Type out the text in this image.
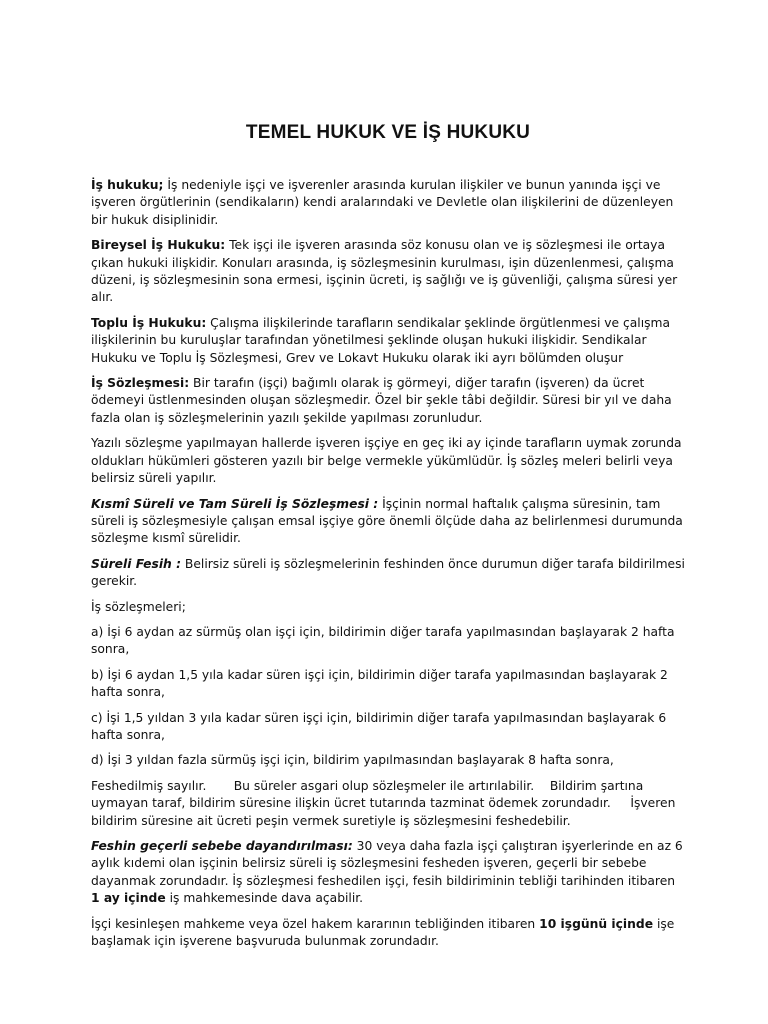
TEMEL HUKUK VE İŞ HUKUKU

İş hukuku; İş nedeniyle işçi ve işverenler arasında kurulan ilişkiler ve bunun yanında işçi ve işveren örgütlerinin (sendikaların) kendi aralarındaki ve Devletle olan ilişkilerini de düzenleyen bir hukuk disiplinidir.

Bireysel İş Hukuku: Tek işçi ile işveren arasında söz konusu olan ve iş sözleşmesi ile ortaya çıkan hukuki ilişkidir. Konuları arasında, iş sözleşmesinin kurulması, işin düzenlenmesi, çalışma düzeni, iş sözleşmesinin sona ermesi, işçinin ücreti, iş sağlığı ve iş güvenliği, çalışma süresi yer alır.

Toplu İş Hukuku: Çalışma ilişkilerinde tarafların sendikalar şeklinde örgütlenmesi ve çalışma ilişkilerinin bu kuruluşlar tarafından yönetilmesi şeklinde oluşan hukuki ilişkidir. Sendikalar Hukuku ve Toplu İş Sözleşmesi, Grev ve Lokavt Hukuku olarak iki ayrı bölümden oluşur

İş Sözleşmesi: Bir tarafın (işçi) bağımlı olarak iş görmeyi, diğer tarafın (işveren) da ücret ödemeyi üstlenmesinden oluşan sözleşmedir. Özel bir şekle tâbi değildir. Süresi bir yıl ve daha fazla olan iş sözleşmelerinin yazılı şekilde yapılması zorunludur.

Yazılı sözleşme yapılmayan hallerde işveren işçiye en geç iki ay içinde tarafların uymak zorunda oldukları hükümleri gösteren yazılı bir belge vermekle yükümlüdür. İş sözleş meleri belirli veya belirsiz süreli yapılır.

Kısmî Süreli ve Tam Süreli İş Sözleşmesi : İşçinin normal haftalık çalışma süresinin, tam süreli iş sözleşmesiyle çalışan emsal işçiye göre önemli ölçüde daha az belirlenmesi durumunda sözleşme kısmî sürelidir.

Süreli Fesih : Belirsiz süreli iş sözleşmelerinin feshinden önce durumun diğer tarafa bildirilmesi gerekir.

İş sözleşmeleri;

a) İşi 6 aydan az sürmüş olan işçi için, bildirimin diğer tarafa yapılmasından başlayarak 2 hafta sonra,

b) İşi 6 aydan 1,5 yıla kadar süren işçi için, bildirimin diğer tarafa yapılmasından başlayarak 2 hafta sonra,

c) İşi 1,5 yıldan 3 yıla kadar süren işçi için, bildirimin diğer tarafa yapılmasından başlayarak 6 hafta sonra,

d) İşi 3 yıldan fazla sürmüş işçi için, bildirim yapılmasından başlayarak 8 hafta sonra,

Feshedilmiş sayılır.       Bu süreler asgari olup sözleşmeler ile artırılabilir.    Bildirim şartına uymayan taraf, bildirim süresine ilişkin ücret tutarında tazminat ödemek zorundadır.     İşveren bildirim süresine ait ücreti peşin vermek suretiyle iş sözleşmesini feshedebilir.

Feshin geçerli sebebe dayandırılması: 30 veya daha fazla işçi çalıştıran işyerlerinde en az 6 aylık kıdemi olan işçinin belirsiz süreli iş sözleşmesini fesheden işveren, geçerli bir sebebe dayanmak zorundadır. İş sözleşmesi feshedilen işçi, fesih bildiriminin tebliği tarihinden itibaren 1 ay içinde iş mahkemesinde dava açabilir.

İşçi kesinleşen mahkeme veya özel hakem kararının tebliğinden itibaren 10 işgünü içinde işe başlamak için işverene başvuruda bulunmak zorundadır.
